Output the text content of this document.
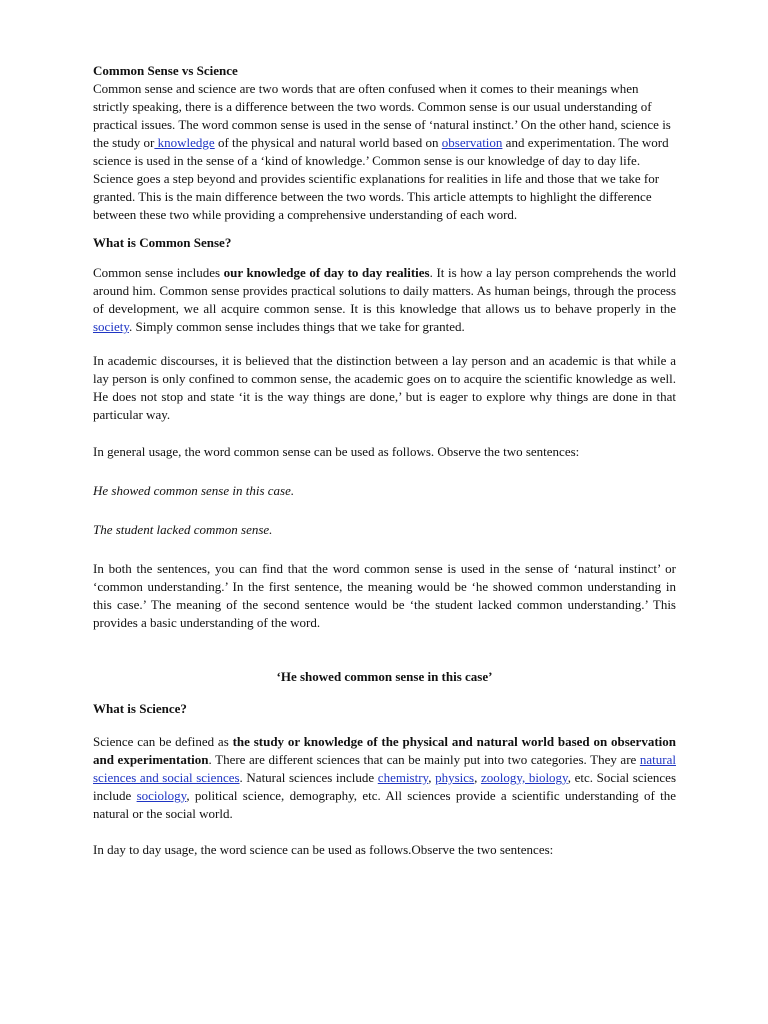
Common Sense vs Science

Common sense and science are two words that are often confused when it comes to their meanings when strictly speaking, there is a difference between the two words. Common sense is our usual understanding of practical issues. The word common sense is used in the sense of ‘natural instinct.’ On the other hand, science is the study or knowledge of the physical and natural world based on observation and experimentation. The word science is used in the sense of a ‘kind of knowledge.’ Common sense is our knowledge of day to day life. Science goes a step beyond and provides scientific explanations for realities in life and those that we take for granted. This is the main difference between the two words. This article attempts to highlight the difference between these two while providing a comprehensive understanding of each word.

What is Common Sense?

Common sense includes our knowledge of day to day realities. It is how a lay person comprehends the world around him. Common sense provides practical solutions to daily matters. As human beings, through the process of development, we all acquire common sense. It is this knowledge that allows us to behave properly in the society. Simply common sense includes things that we take for granted.

In academic discourses, it is believed that the distinction between a lay person and an academic is that while a lay person is only confined to common sense, the academic goes on to acquire the scientific knowledge as well. He does not stop and state ‘it is the way things are done,’ but is eager to explore why things are done in that particular way.

In general usage, the word common sense can be used as follows. Observe the two sentences:

He showed common sense in this case.

The student lacked common sense.

In both the sentences, you can find that the word common sense is used in the sense of ‘natural instinct’ or ‘common understanding.’ In the first sentence, the meaning would be ‘he showed common understanding in this case.’ The meaning of the second sentence would be ‘the student lacked common understanding.’ This provides a basic understanding of the word.

‘He showed common sense in this case’

What is Science?

Science can be defined as the study or knowledge of the physical and natural world based on observation and experimentation. There are different sciences that can be mainly put into two categories. They are natural sciences and social sciences. Natural sciences include chemistry, physics, zoology, biology, etc. Social sciences include sociology, political science, demography, etc. All sciences provide a scientific understanding of the natural or the social world.

In day to day usage, the word science can be used as follows.Observe the two sentences:
